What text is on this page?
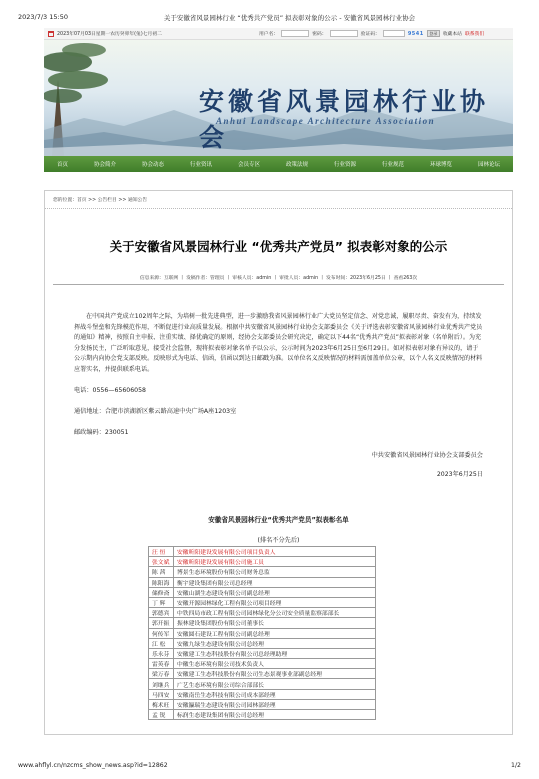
2023/7/3 15:50	关于安徽省风景园林行业 “优秀共产党员” 拟表彰对象的公示 - 安徽省风景园林行业协会
2023年07月03日星期一农历癸卯年(兔)七月初二	用户名：	密码：	验证码：	9541	登录	收藏本站 联系我们
安徽省风景园林行业协会
Anhui Landscape Architecture Association
首页	协会简介	协会动态	行业资讯	会员专区	政策法规	行业资源	行业规范	环球博览	园林论坛
您的位置：首页 >> 公告栏目 >> 通知公告
关于安徽省风景园林行业 “优秀共产党员” 拟表彰对象的公示
信息来源：互联网 丨 发稿作者：管理员 丨 审核人员：admin 丨 审批人员：admin 丨 发布时间：2023年6月25日 丨 查看263次

在中国共产党成立102周年之际，为培树一批先进典型，进一步激励我省风景园林行业广大党员坚定信念、对党忠诚，履职尽责、奋发有为，持续发挥战斗堡垒和先锋模范作用，不断促进行业高质量发展。根据中共安徽省风景园林行业协会支部委员会《关于评选表彰安徽省风景园林行业优秀共产党员的通知》精神，按照自主申报、注重实绩、择优确定的原则，经协会支部委员会研究决定，确定以下44名“优秀共产党员”拟表彰对象（名单附后）。为充分发扬民主，广泛听取意见，接受社会监督，现将拟表彰对象名单予以公示，公示时间为2023年6月25日至6月29日。如对拟表彰对象有异议的，请于公示期内向协会党支部反映。反映形式为电话、信函，信函以到达日邮戳为准。以单位名义反映情况的材料需加盖单位公章，以个人名义反映情况的材料应署实名，并提供联系电话。

电话：0556—65606058
通信地址：合肥市滨湖新区紫云路高速中央广场A座1203室
邮政编码：230051
中共安徽省风景园林行业协会支部委员会
2023年6月25日
安徽省风景园林行业“优秀共产党员”拟表彰名单
(排名不分先后)
汪 恒	安徽昕阳建设发展有限公司项目负责人
张文斌	安徽昕阳建设发展有限公司施工员
陈 茜	博景生态环境股份有限公司财务总监
陈阳海	衡宇建设集团有限公司总经理
储修斋	安徽山湖生态建设有限公司副总经理
丁 辉	安徽开源园林绿化工程有限公司项目经理
郭德宾	中铁四局市政工程有限公司园林绿化分公司安全质量监察部部长
郭开振	振林建设集团股份有限公司董事长
何传军	安徽圆石建设工程有限公司副总经理
江 松	安徽九绿生态建设有限公司总经理
乐永芬	安徽建工生态科技股份有限公司总经理助理
雷英春	中徽生态环境有限公司技术负责人
梁万春	安徽建工生态科技股份有限公司生态景观事业部副总经理
刘继兵	广艺生态环境有限公司综合部部长
马四安	安徽南岳生态科技有限公司成本部经理
梅术旺	安徽瀛瑞生态建设有限公司园林部经理
孟 锐	标润生态建设集团有限公司总经理
www.ahflyl.cn/nzcms_show_news.asp?id=12862	1/2
